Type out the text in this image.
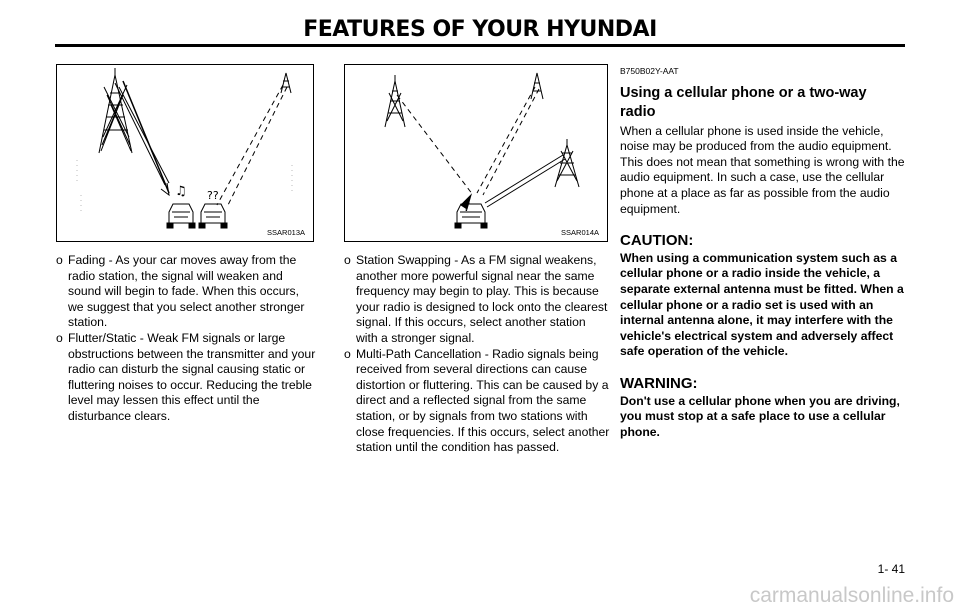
FEATURES OF YOUR HYUNDAI
♫ ??
SSAR013A
?
SSAR014A
o Fading - As your car moves away from the radio station, the signal will weaken and sound will begin to fade. When this occurs, we suggest that you select another stronger station.
o Flutter/Static - Weak FM signals or large obstructions between the transmitter and your radio can disturb the signal causing static or fluttering noises to occur. Reducing the treble level may lessen this effect until the disturbance clears.
o Station Swapping - As a FM signal weakens, another more powerful signal near the same frequency may begin to play. This is because your radio is designed to lock onto the clearest signal. If this occurs, select another station with a stronger signal.
o Multi-Path Cancellation - Radio signals being received from several directions can cause distortion or fluttering. This can be caused by a direct and a reflected signal from the same station, or by signals from two stations with close frequencies. If this occurs, select another station until the condition has passed.
B750B02Y-AAT
Using a cellular phone or a two-way radio

When a cellular phone is used inside the vehicle, noise may be produced from the audio equipment. This does not mean that something is wrong with the audio equipment. In such a case, use the cellular phone at a place as far as possible from the audio equipment.

CAUTION:

When using a communication system such as a cellular phone or a radio inside the vehicle, a separate external antenna must be fitted. When a cellular phone or a radio set is used with an internal antenna alone, it may interfere with the vehicle's electrical system and adversely affect safe operation of the vehicle.

WARNING:

Don't use a cellular phone when you are driving, you must stop at a safe place to use a cellular phone.

1- 41
carmanualsonline.info
